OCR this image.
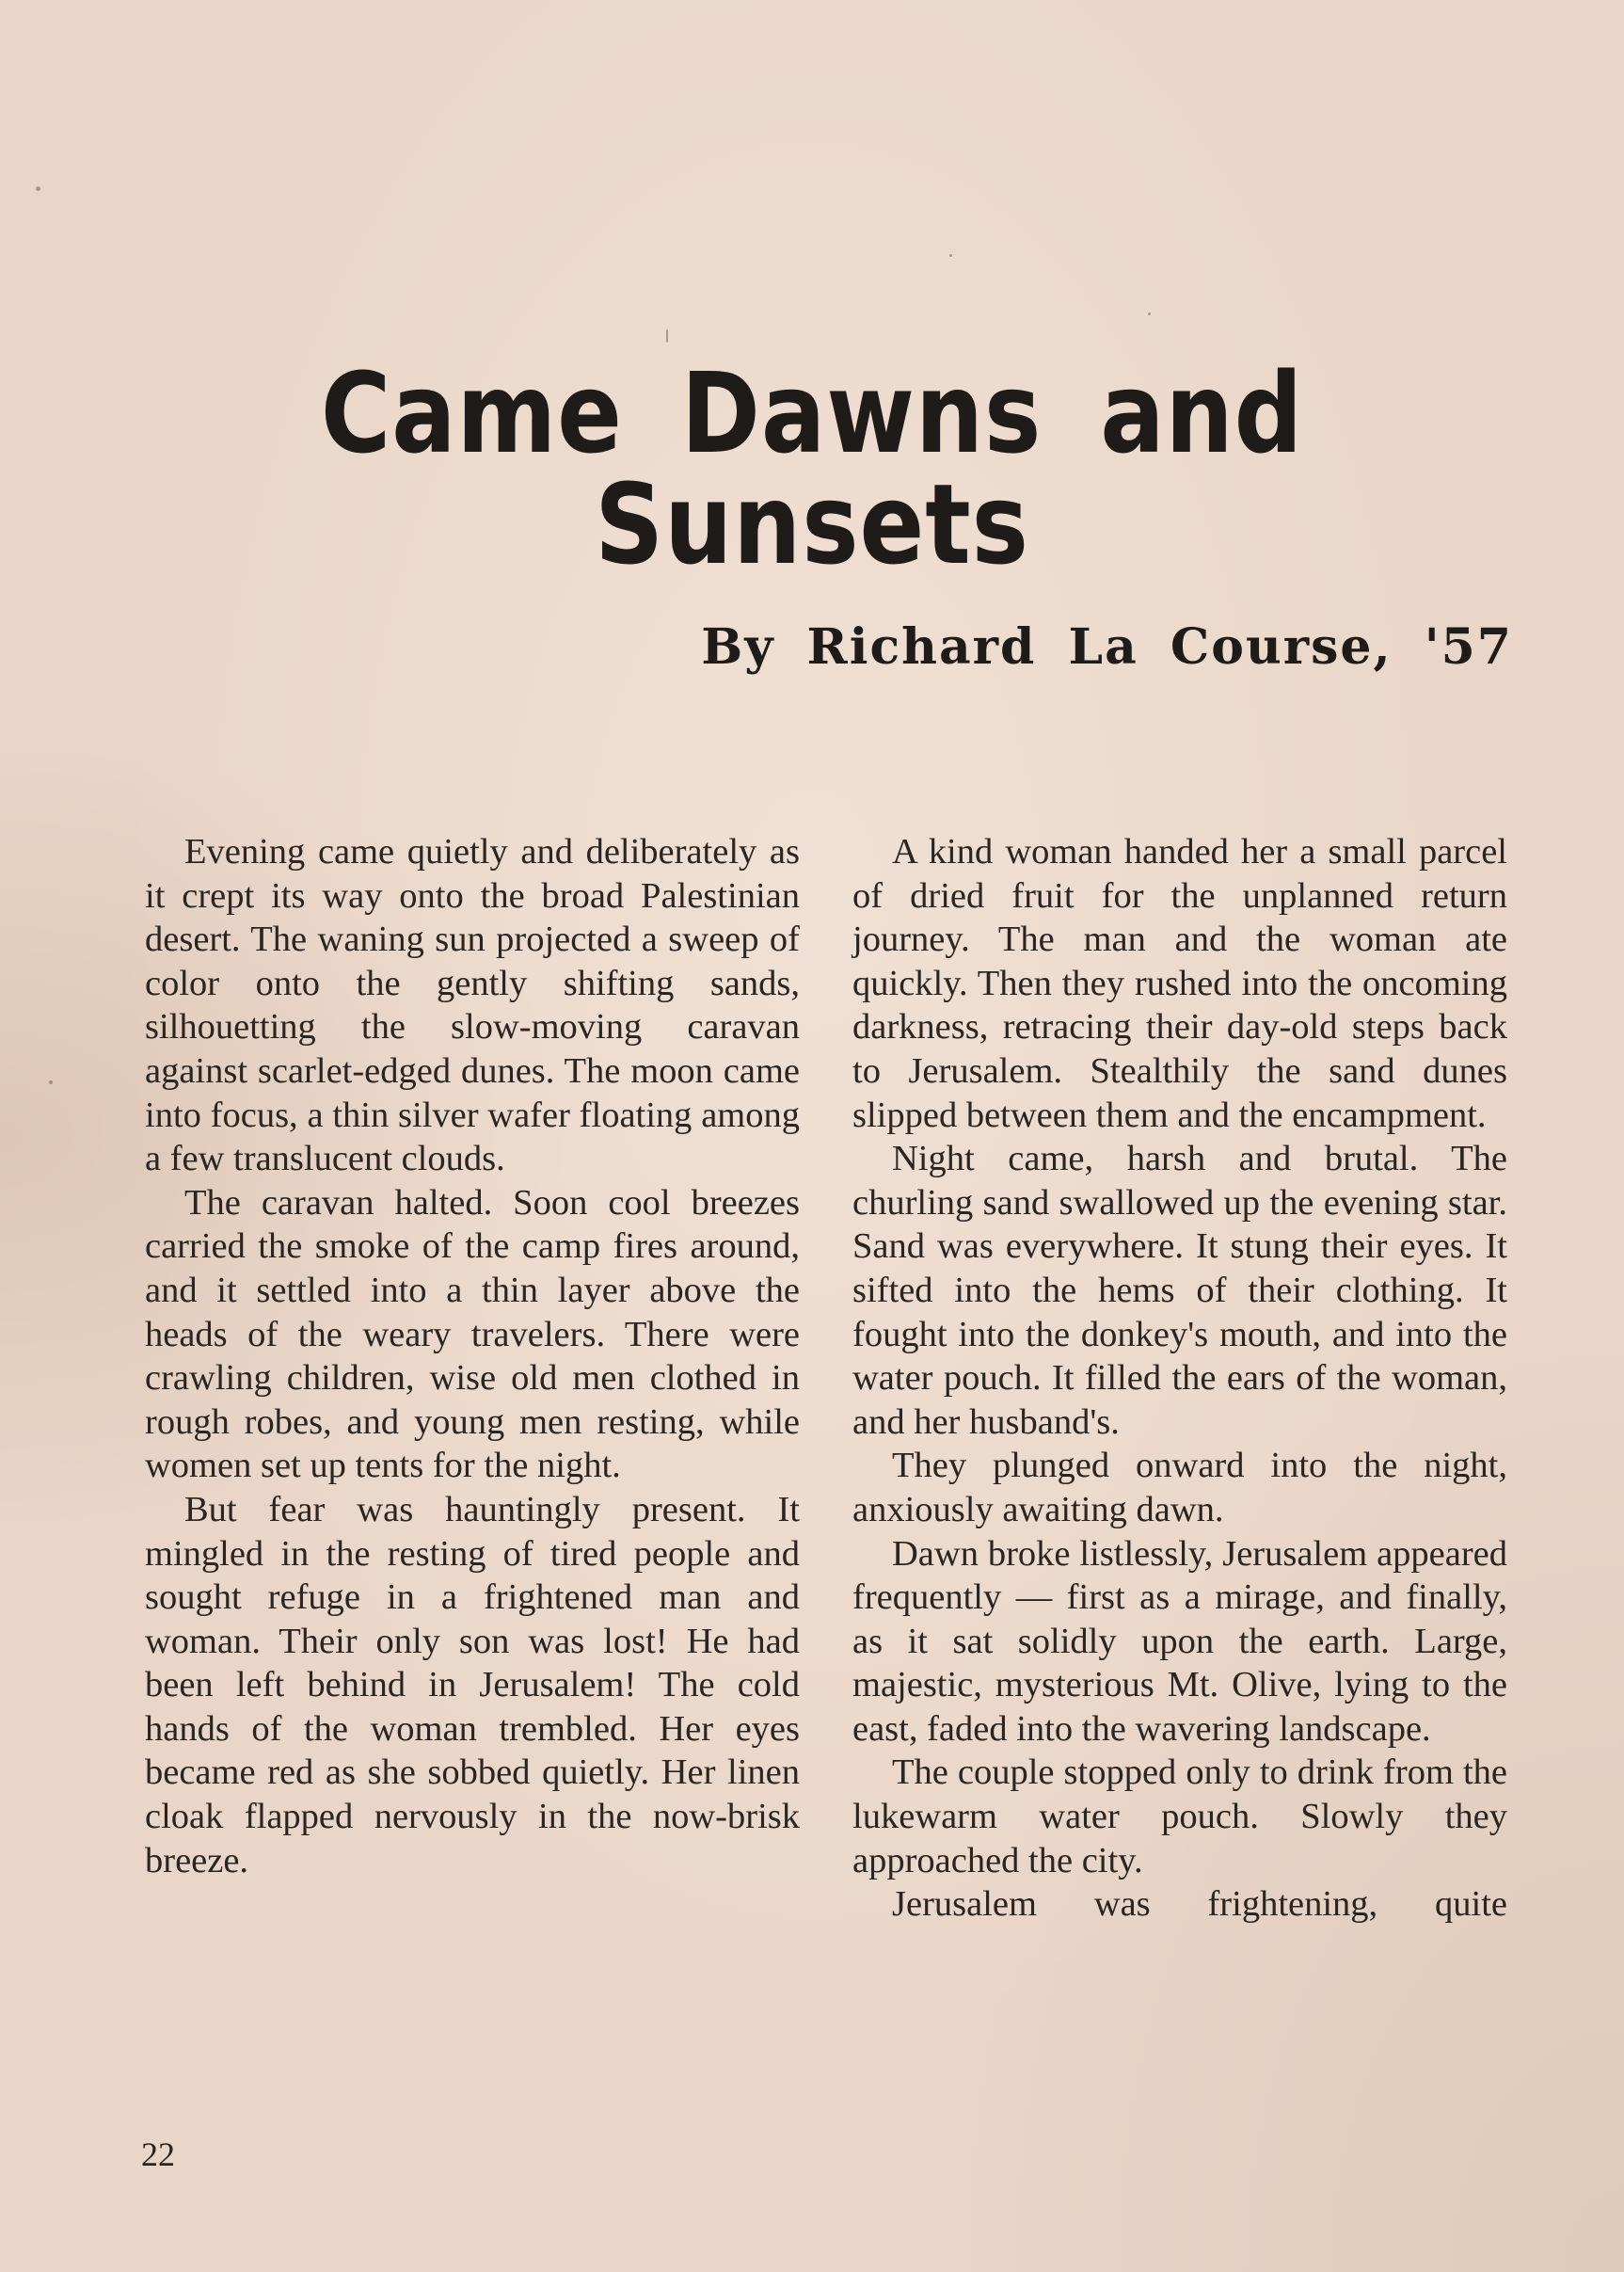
Came Dawns and Sunsets
By Richard La Course, '57

Evening came quietly and deliberately as it crept its way onto the broad Palestinian desert. The waning sun projected a sweep of color onto the gently shifting sands, silhouetting the slow-moving caravan against scarlet-edged dunes. The moon came into focus, a thin silver wafer floating among a few translucent clouds.

The caravan halted. Soon cool breezes carried the smoke of the camp fires around, and it settled into a thin layer above the heads of the weary travelers. There were crawling children, wise old men clothed in rough robes, and young men resting, while women set up tents for the night.

But fear was hauntingly present. It mingled in the resting of tired people and sought refuge in a frightened man and woman. Their only son was lost! He had been left behind in Jerusalem! The cold hands of the woman trembled. Her eyes became red as she sobbed quietly. Her linen cloak flapped nervously in the now-brisk breeze.

A kind woman handed her a small parcel of dried fruit for the unplanned return journey. The man and the woman ate quickly. Then they rushed into the oncoming darkness, retracing their day-old steps back to Jerusalem. Stealthily the sand dunes slipped between them and the encampment.

Night came, harsh and brutal. The churling sand swallowed up the evening star. Sand was everywhere. It stung their eyes. It sifted into the hems of their clothing. It fought into the donkey's mouth, and into the water pouch. It filled the ears of the woman, and her husband's.

They plunged onward into the night, anxiously awaiting dawn.

Dawn broke listlessly, Jerusalem appeared frequently — first as a mirage, and finally, as it sat solidly upon the earth. Large, majestic, mysterious Mt. Olive, lying to the east, faded into the wavering landscape.

The couple stopped only to drink from the lukewarm water pouch. Slowly they approached the city.

Jerusalem was frightening, quite

22
